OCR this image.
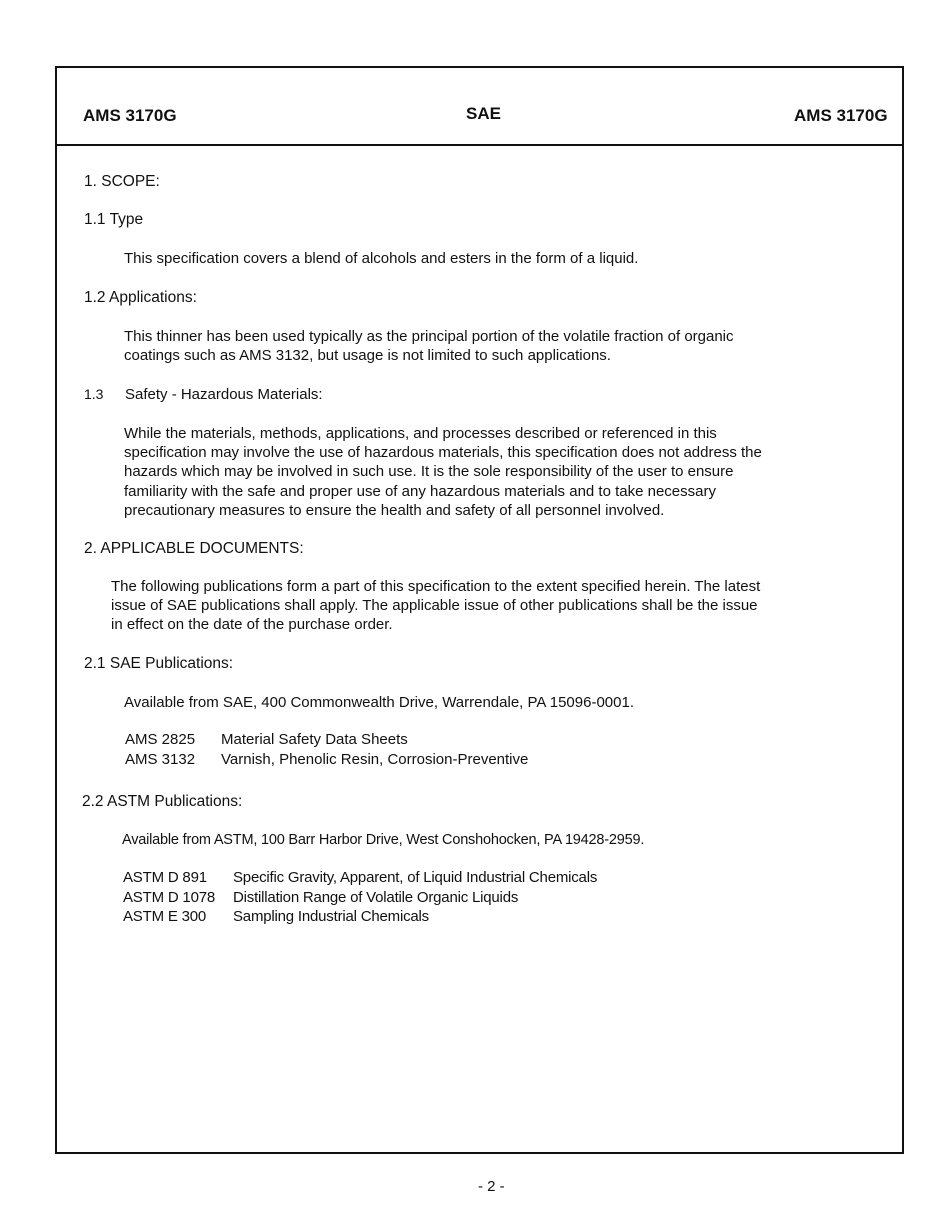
AMS 3170G	SAE	AMS 3170G
1. SCOPE:
1.1 Type
This specification covers a blend of alcohols and esters in the form of a liquid.
1.2 Applications:
This thinner has been used typically as the principal portion of the volatile fraction of organic
coatings such as AMS 3132, but usage is not limited to such applications.
1.3 Safety - Hazardous Materials:
While the materials, methods, applications, and processes described or referenced in this
specification may involve the use of hazardous materials, this specification does not address the
hazards which may be involved in such use. It is the sole responsibility of the user to ensure
familiarity with the safe and proper use of any hazardous materials and to take necessary
precautionary measures to ensure the health and safety of all personnel involved.
2. APPLICABLE DOCUMENTS:
The following publications form a part of this specification to the extent specified herein. The latest
issue of SAE publications shall apply. The applicable issue of other publications shall be the issue
in effect on the date of the purchase order.
2.1 SAE Publications:
Available from SAE, 400 Commonwealth Drive, Warrendale, PA 15096-0001.
AMS 2825 Material Safety Data Sheets
AMS 3132 Varnish, Phenolic Resin, Corrosion-Preventive
2.2 ASTM Publications:
Available from ASTM, 100 Barr Harbor Drive, West Conshohocken, PA 19428-2959.
ASTM D 891 Specific Gravity, Apparent, of Liquid Industrial Chemicals
ASTM D 1078 Distillation Range of Volatile Organic Liquids
ASTM E 300 Sampling Industrial Chemicals
- 2 -
